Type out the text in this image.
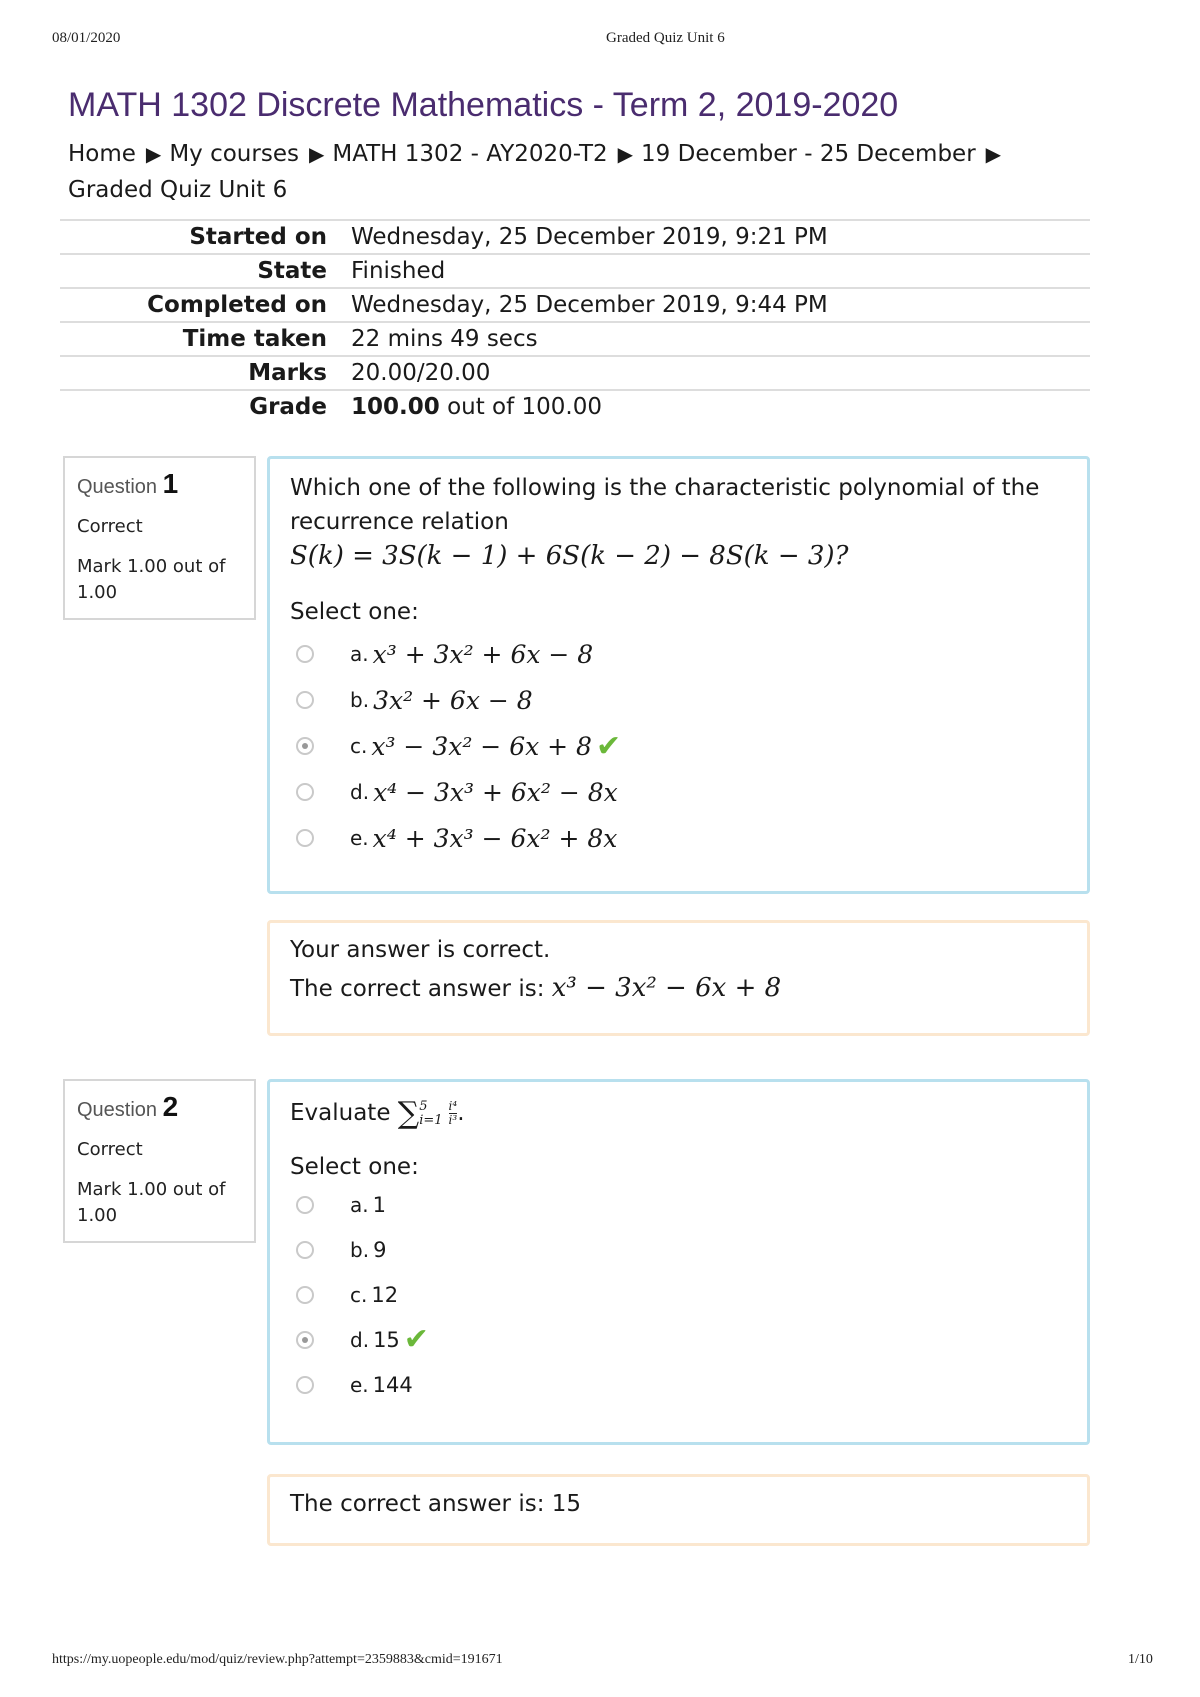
08/01/2020	Graded Quiz Unit 6
MATH 1302 Discrete Mathematics - Term 2, 2019-2020
Home ▶ My courses ▶ MATH 1302 - AY2020-T2 ▶ 19 December - 25 December ▶
Graded Quiz Unit 6
Started on	Wednesday, 25 December 2019, 9:21 PM
State	Finished
Completed on	Wednesday, 25 December 2019, 9:44 PM
Time taken	22 mins 49 secs
Marks	20.00/20.00
Grade	100.00 out of 100.00
Question 1
Correct
Mark 1.00 out of 1.00
Which one of the following is the characteristic polynomial of the recurrence relation
S(k) = 3S(k − 1) + 6S(k − 2) − 8S(k − 3)?
Select one:
a. x³ + 3x² + 6x − 8
b. 3x² + 6x − 8
c. x³ − 3x² − 6x + 8 ✔
d. x⁴ − 3x³ + 6x² − 8x
e. x⁴ + 3x³ − 6x² + 8x
Your answer is correct.
The correct answer is: x³ − 3x² − 6x + 8
Question 2
Correct
Mark 1.00 out of 1.00
Evaluate ∑ 5
$i=1 \frac{\text{i⁴}}{\text{i³}}$ .
Select one:
a. 1
b. 9
c. 12
d. 15 ✔
e. 144
The correct answer is: 15
https://my.uopeople.edu/mod/quiz/review.php?attempt=2359883&cmid=191671	1/10
